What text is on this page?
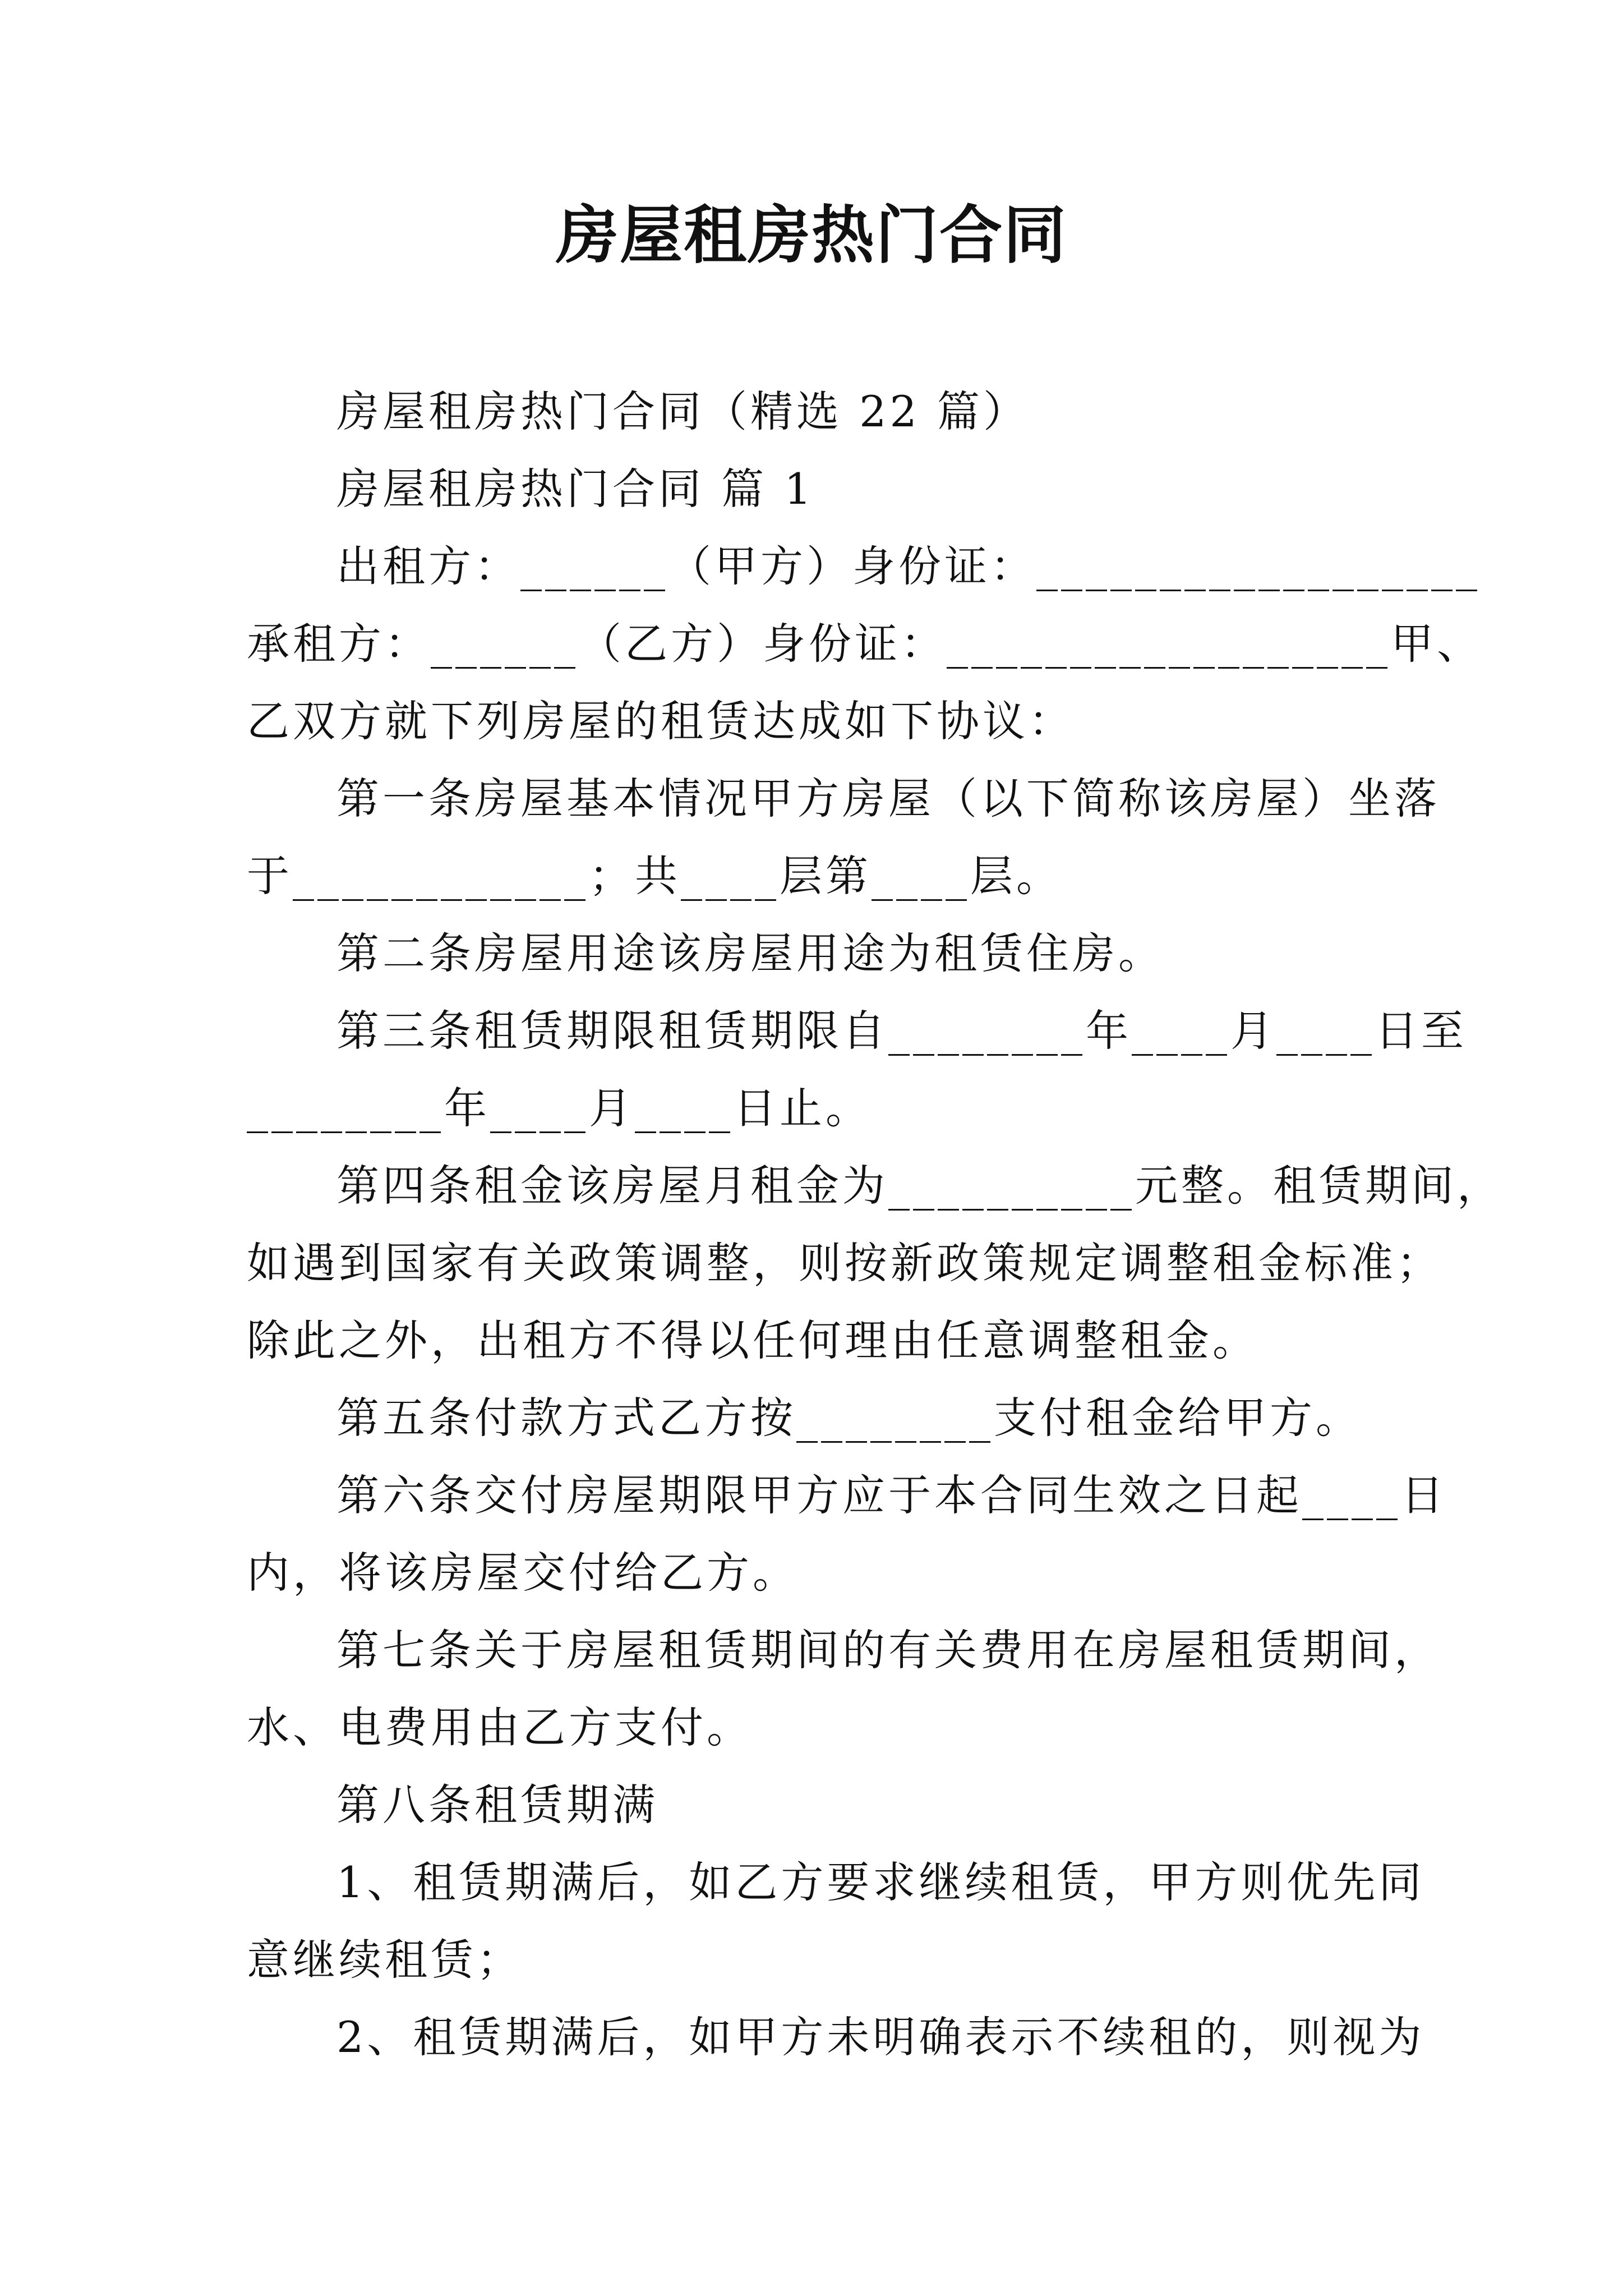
房屋租房热门合同
房屋租房热门合同（精选 22 篇）
房屋租房热门合同 篇 1
出租方：______（甲方）身份证：__________________
承租方：______（乙方）身份证：__________________甲、
乙双方就下列房屋的租赁达成如下协议：
第一条房屋基本情况甲方房屋（以下简称该房屋）坐落
于____________；共____层第____层。
第二条房屋用途该房屋用途为租赁住房。
第三条租赁期限租赁期限自________年____月____日至
________年____月____日止。
第四条租金该房屋月租金为__________元整。租赁期间，
如遇到国家有关政策调整，则按新政策规定调整租金标准；
除此之外，出租方不得以任何理由任意调整租金。
第五条付款方式乙方按________支付租金给甲方。
第六条交付房屋期限甲方应于本合同生效之日起____日
内，将该房屋交付给乙方。
第七条关于房屋租赁期间的有关费用在房屋租赁期间，
水、电费用由乙方支付。
第八条租赁期满
1、租赁期满后，如乙方要求继续租赁，甲方则优先同
意继续租赁；
2、租赁期满后，如甲方未明确表示不续租的，则视为
